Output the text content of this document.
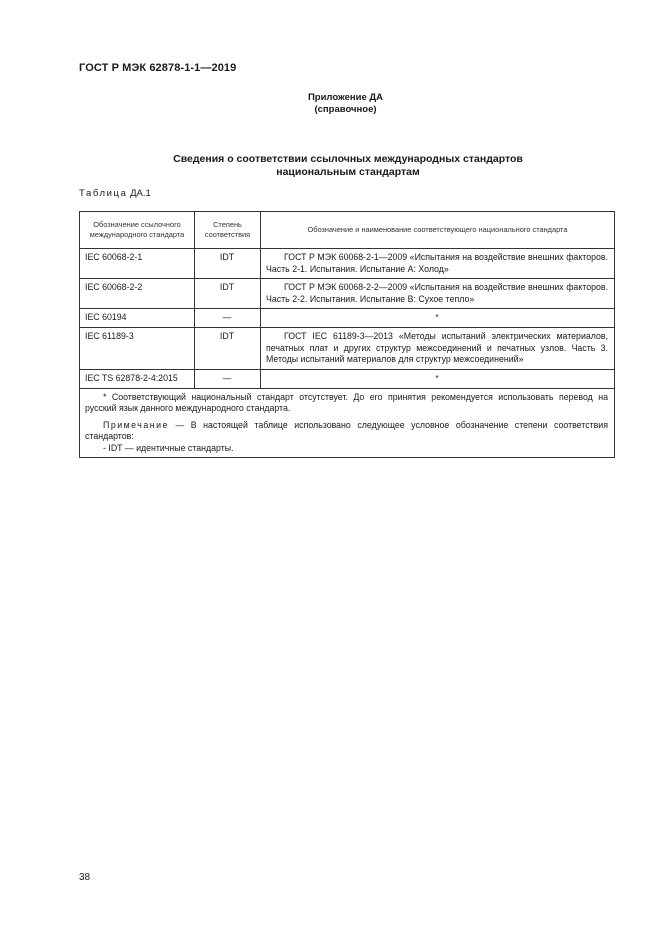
ГОСТ Р МЭК 62878-1-1—2019
Приложение ДА
(справочное)
Сведения о соответствии ссылочных международных стандартов
национальным стандартам
Таблица ДА.1
Обозначение ссылочного международного стандарта	Степень соответствия	Обозначение и наименование соответствующего национального стандарта
IEC 60068-2-1	IDT	ГОСТ Р МЭК 60068-2-1—2009 «Испытания на воздействие внешних факторов. Часть 2-1. Испытания. Испытание А: Холод»
IEC 60068-2-2	IDT	ГОСТ Р МЭК 60068-2-2—2009 «Испытания на воздействие внешних факторов. Часть 2-2. Испытания. Испытание В: Сухое тепло»
IEC 60194	—	*
IEC 61189-3	IDT	ГОСТ IEC 61189-3—2013 «Методы испытаний электрических материалов, печатных плат и других структур межсоединений и печатных узлов. Часть 3. Методы испытаний материалов для структур межсоединений»
IEC TS 62878-2-4:2015	—	*

* Соответствующий национальный стандарт отсутствует. До его принятия рекомендуется использовать перевод на русский язык данного международного стандарта.

Примечание — В настоящей таблице использовано следующее условное обозначение степени соответствия стандартов:

- IDT — идентичные стандарты.		

38
